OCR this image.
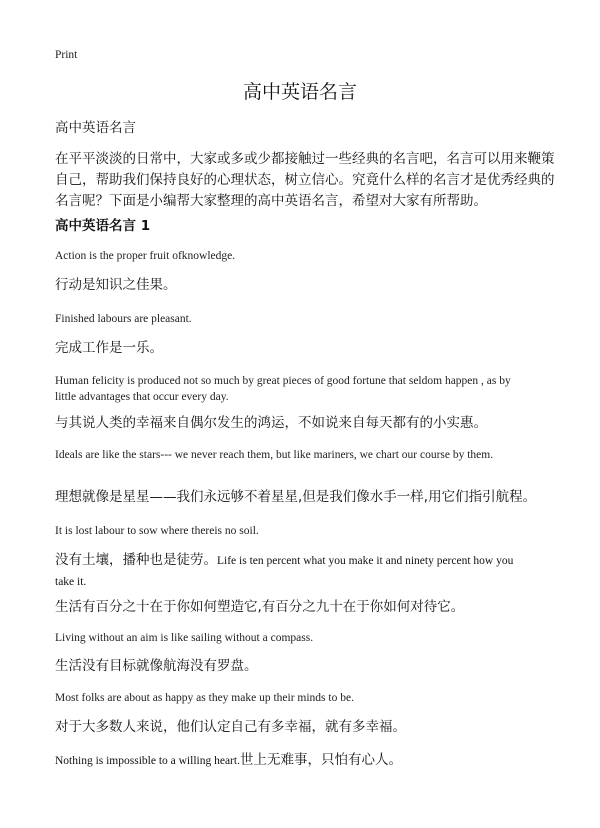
Print
高中英语名言
高中英语名言
在平平淡淡的日常中，大家或多或少都接触过一些经典的名言吧，名言可以用来鞭策自己，帮助我们保持良好的心理状态，树立信心。究竟什么样的名言才是优秀经典的名言呢？下面是小编帮大家整理的高中英语名言，希望对大家有所帮助。
高中英语名言 1
Action is the proper fruit ofknowledge.
行动是知识之佳果。
Finished labours are pleasant.
完成工作是一乐。
Human felicity is produced not so much by great pieces of good fortune that seldom happen , as by little advantages that occur every day.
与其说人类的幸福来自偶尔发生的鸿运，不如说来自每天都有的小实惠。
Ideals are like the stars--- we never reach them, but like mariners, we chart our course by them.
理想就像是星星——我们永远够不着星星,但是我们像水手一样,用它们指引航程。
It is lost labour to sow where thereis no soil.
没有土壤，播种也是徒劳。Life is ten percent what you make it and ninety percent how you take it.
生活有百分之十在于你如何塑造它,有百分之九十在于你如何对待它。
Living without an aim is like sailing without a compass.
生活没有目标就像航海没有罗盘。
Most folks are about as happy as they make up their minds to be.
对于大多数人来说，他们认定自己有多幸福，就有多幸福。
Nothing is impossible to a willing heart.世上无难事，只怕有心人。
